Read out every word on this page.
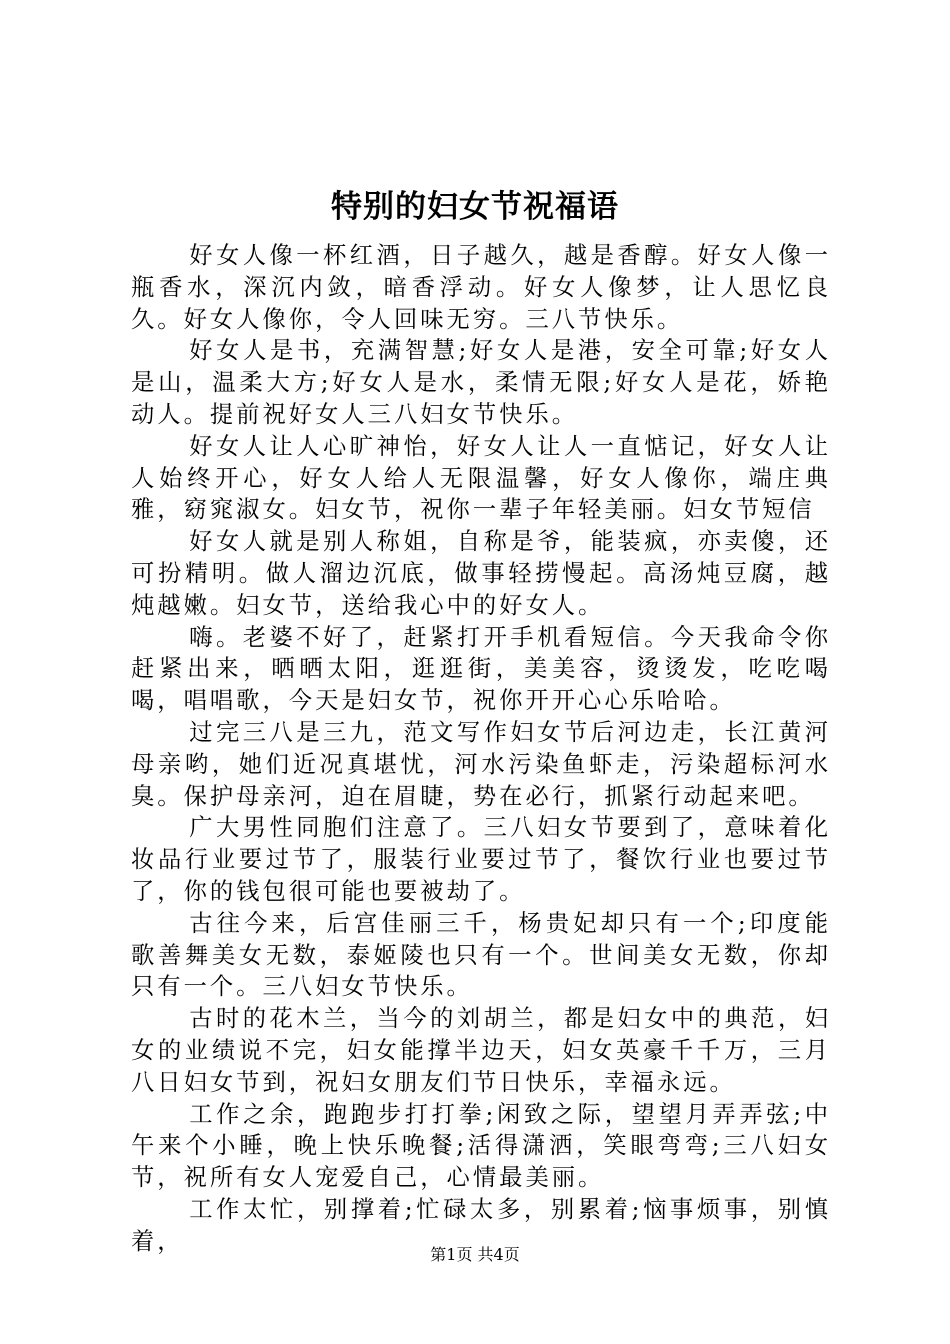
特别的妇女节祝福语

好女人像一杯红酒，日子越久，越是香醇。好女人像一瓶香水，深沉内敛，暗香浮动。好女人像梦，让人思忆良久。好女人像你，令人回味无穷。三八节快乐。

好女人是书，充满智慧;好女人是港，安全可靠;好女人是山，温柔大方;好女人是水，柔情无限;好女人是花，娇艳动人。提前祝好女人三八妇女节快乐。

好女人让人心旷神怡，好女人让人一直惦记，好女人让人始终开心，好女人给人无限温馨，好女人像你，端庄典雅，窈窕淑女。妇女节，祝你一辈子年轻美丽。妇女节短信

好女人就是别人称姐，自称是爷，能装疯，亦卖傻，还可扮精明。做人溜边沉底，做事轻捞慢起。高汤炖豆腐，越炖越嫩。妇女节，送给我心中的好女人。

嗨。老婆不好了，赶紧打开手机看短信。今天我命令你赶紧出来，晒晒太阳，逛逛街，美美容，烫烫发，吃吃喝喝，唱唱歌，今天是妇女节，祝你开开心心乐哈哈。

过完三八是三九，范文写作妇女节后河边走，长江黄河母亲哟，她们近况真堪忧，河水污染鱼虾走，污染超标河水臭。保护母亲河，迫在眉睫，势在必行，抓紧行动起来吧。

广大男性同胞们注意了。三八妇女节要到了，意味着化妆品行业要过节了，服装行业要过节了，餐饮行业也要过节了，你的钱包很可能也要被劫了。

古往今来，后宫佳丽三千，杨贵妃却只有一个;印度能歌善舞美女无数，泰姬陵也只有一个。世间美女无数，你却只有一个。三八妇女节快乐。

古时的花木兰，当今的刘胡兰，都是妇女中的典范，妇女的业绩说不完，妇女能撑半边天，妇女英豪千千万，三月八日妇女节到，祝妇女朋友们节日快乐，幸福永远。

工作之余，跑跑步打打拳;闲致之际，望望月弄弄弦;中午来个小睡，晚上快乐晚餐;活得潇洒，笑眼弯弯;三八妇女节，祝所有女人宠爱自己，心情最美丽。

工作太忙，别撑着;忙碌太多，别累着;恼事烦事，别慎着，	第1页 共4页
